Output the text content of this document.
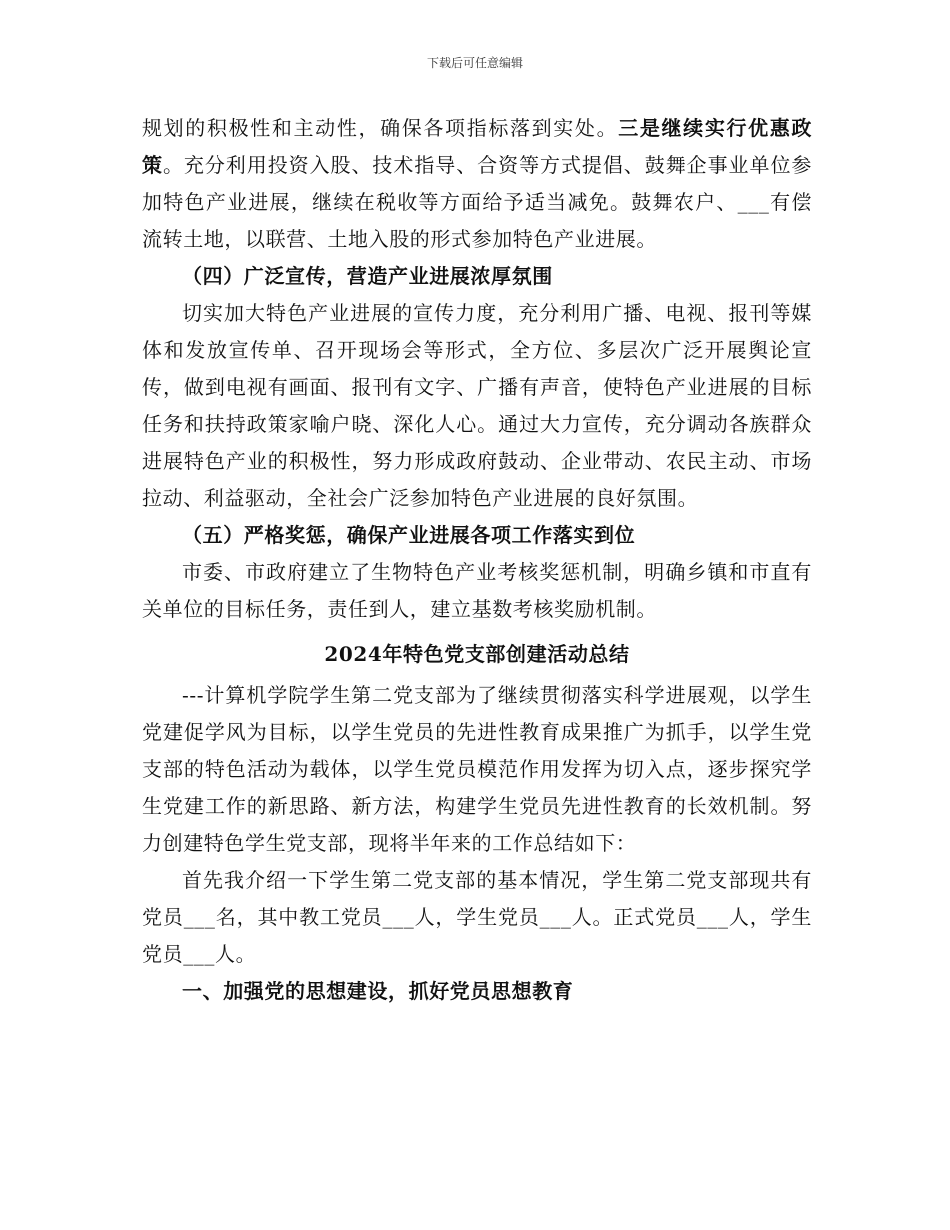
下载后可任意编辑

规划的积极性和主动性，确保各项指标落到实处。三是继续实行优惠政策。充分利用投资入股、技术指导、合资等方式提倡、鼓舞企事业单位参加特色产业进展，继续在税收等方面给予适当减免。鼓舞农户、___有偿流转土地，以联营、土地入股的形式参加特色产业进展。

（四）广泛宣传，营造产业进展浓厚氛围

切实加大特色产业进展的宣传力度，充分利用广播、电视、报刊等媒体和发放宣传单、召开现场会等形式，全方位、多层次广泛开展舆论宣传，做到电视有画面、报刊有文字、广播有声音，使特色产业进展的目标任务和扶持政策家喻户晓、深化人心。通过大力宣传，充分调动各族群众进展特色产业的积极性，努力形成政府鼓动、企业带动、农民主动、市场拉动、利益驱动，全社会广泛参加特色产业进展的良好氛围。

（五）严格奖惩，确保产业进展各项工作落实到位

市委、市政府建立了生物特色产业考核奖惩机制，明确乡镇和市直有关单位的目标任务，责任到人，建立基数考核奖励机制。

2024年特色党支部创建活动总结

---计算机学院学生第二党支部为了继续贯彻落实科学进展观，以学生党建促学风为目标，以学生党员的先进性教育成果推广为抓手，以学生党支部的特色活动为载体，以学生党员模范作用发挥为切入点，逐步探究学生党建工作的新思路、新方法，构建学生党员先进性教育的长效机制。努力创建特色学生党支部，现将半年来的工作总结如下：

首先我介绍一下学生第二党支部的基本情况，学生第二党支部现共有党员___名，其中教工党员___人，学生党员___人。正式党员___人，学生党员___人。

一、加强党的思想建设，抓好党员思想教育
